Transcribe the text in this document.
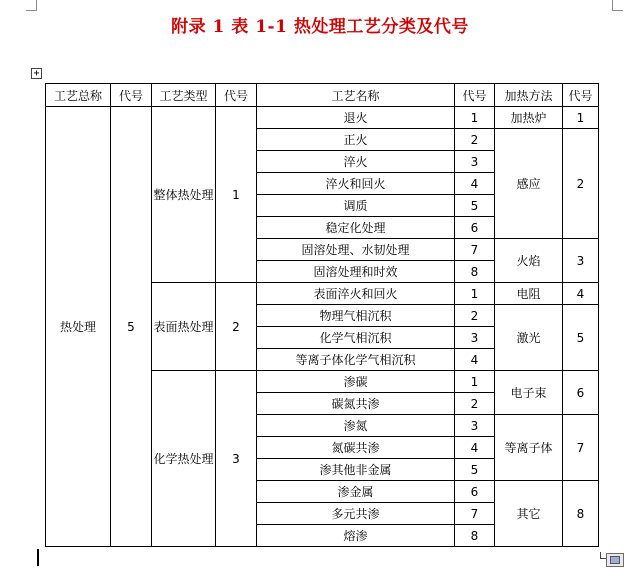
附录 1 表 1-1 热处理工艺分类及代号
+
工艺总称	代号	工艺类型	代号	工艺名称	代号	加热方法	代号
热处理	5	整体热处理	1	退火	1	加热炉	1
				正火	2	感应	2
				淬火	3		
				淬火和回火	4		
				调质	5		
				稳定化处理	6		
				固溶处理、水韧处理	7	火焰	3
				固溶处理和时效	8		
		表面热处理	2	表面淬火和回火	1	电阻	4
				物理气相沉积	2	激光	5
				化学气相沉积	3		
				等离子体化学气相沉积	4		
		化学热处理	3	渗碳	1	电子束	6
				碳氮共渗	2		
				渗氮	3	等离子体	7
				氮碳共渗	4		
				渗其他非金属	5		
				渗金属	6	其它	8
				多元共渗	7		
				熔渗	8		
